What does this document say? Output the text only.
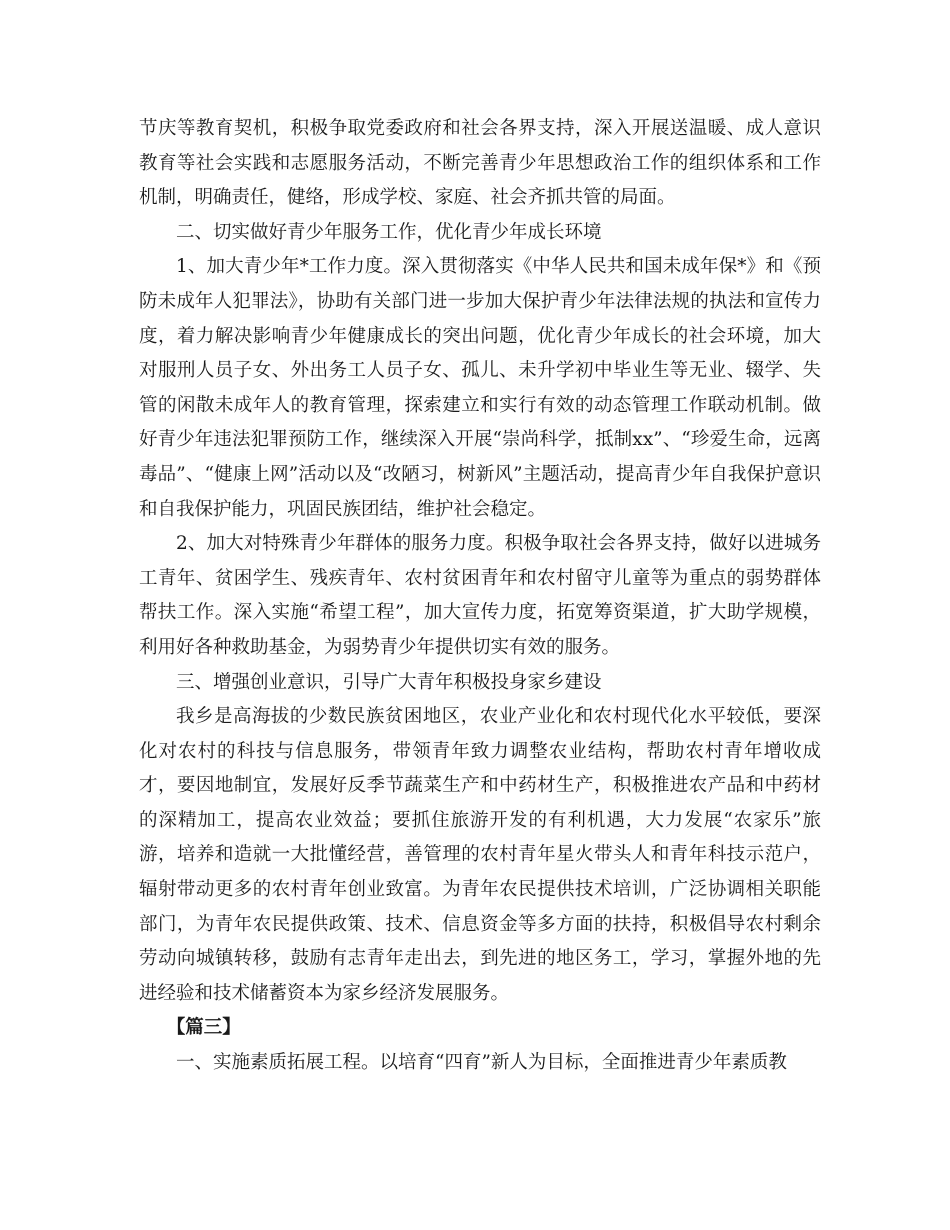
节庆等教育契机，积极争取党委政府和社会各界支持，深入开展送温暖、成人意识教育等社会实践和志愿服务活动，不断完善青少年思想政治工作的组织体系和工作机制，明确责任，健络，形成学校、家庭、社会齐抓共管的局面。

二、切实做好青少年服务工作，优化青少年成长环境

1、加大青少年*工作力度。深入贯彻落实《中华人民共和国未成年保*》和《预防未成年人犯罪法》，协助有关部门进一步加大保护青少年法律法规的执法和宣传力度，着力解决影响青少年健康成长的突出问题，优化青少年成长的社会环境，加大对服刑人员子女、外出务工人员子女、孤儿、未升学初中毕业生等无业、辍学、失管的闲散未成年人的教育管理，探索建立和实行有效的动态管理工作联动机制。做好青少年违法犯罪预防工作，继续深入开展“崇尚科学，抵制xx”、“珍爱生命，远离毒品”、“健康上网”活动以及“改陋习，树新风”主题活动，提高青少年自我保护意识和自我保护能力，巩固民族团结，维护社会稳定。

2、加大对特殊青少年群体的服务力度。积极争取社会各界支持，做好以进城务工青年、贫困学生、残疾青年、农村贫困青年和农村留守儿童等为重点的弱势群体帮扶工作。深入实施“希望工程”，加大宣传力度，拓宽筹资渠道，扩大助学规模，利用好各种救助基金，为弱势青少年提供切实有效的服务。

三、增强创业意识，引导广大青年积极投身家乡建设

我乡是高海拔的少数民族贫困地区，农业产业化和农村现代化水平较低，要深化对农村的科技与信息服务，带领青年致力调整农业结构，帮助农村青年增收成才，要因地制宜，发展好反季节蔬菜生产和中药材生产，积极推进农产品和中药材的深精加工，提高农业效益；要抓住旅游开发的有利机遇，大力发展“农家乐”旅游，培养和造就一大批懂经营，善管理的农村青年星火带头人和青年科技示范户，辐射带动更多的农村青年创业致富。为青年农民提供技术培训，广泛协调相关职能部门，为青年农民提供政策、技术、信息资金等多方面的扶持，积极倡导农村剩余劳动向城镇转移，鼓励有志青年走出去，到先进的地区务工，学习，掌握外地的先进经验和技术储蓄资本为家乡经济发展服务。

【篇三】

一、实施素质拓展工程。以培育“四育”新人为目标，全面推进青少年素质教
